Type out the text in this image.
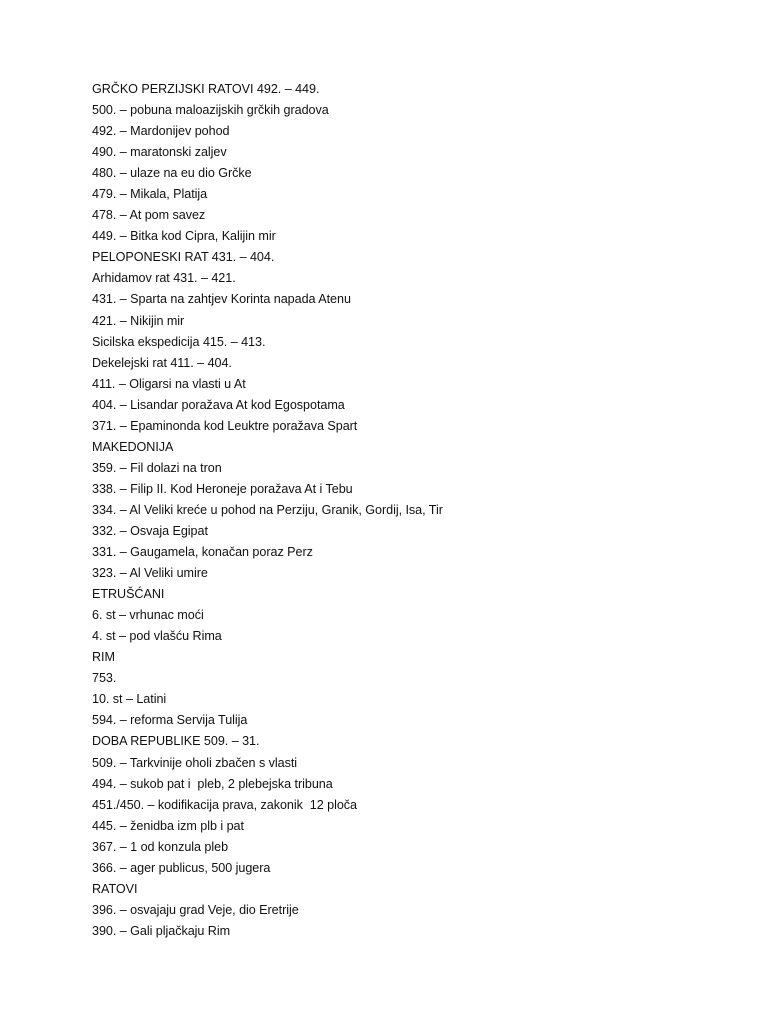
GRČKO PERZIJSKI RATOVI 492. – 449.
500. – pobuna maloazijskih grčkih gradova
492. – Mardonijev pohod
490. – maratonski zaljev
480. – ulaze na eu dio Grčke
479. – Mikala, Platija
478. – At pom savez
449. – Bitka kod Cipra, Kalijin mir
PELOPONESKI RAT 431. – 404.
Arhidamov rat 431. – 421.
431. – Sparta na zahtjev Korinta napada Atenu
421. – Nikijin mir
Sicilska ekspedicija 415. – 413.
Dekelejski rat 411. – 404.
411. – Oligarsi na vlasti u At
404. – Lisandar poražava At kod Egospotama
371. – Epaminonda kod Leuktre poražava Spart
MAKEDONIJA
359. – Fil dolazi na tron
338. – Filip II. Kod Heroneje poražava At i Tebu
334. – Al Veliki kreće u pohod na Perziju, Granik, Gordij, Isa, Tir
332. – Osvaja Egipat
331. – Gaugamela, konačan poraz Perz
323. – Al Veliki umire
ETRUŠĆANI
6. st – vrhunac moći
4. st – pod vlašću Rima
RIM
753.
10. st – Latini
594. – reforma Servija Tulija
DOBA REPUBLIKE 509. – 31.
509. – Tarkvinije oholi zbačen s vlasti
494. – sukob pat i  pleb, 2 plebejska tribuna
451./450. – kodifikacija prava, zakonik  12 ploča
445. – ženidba izm plb i pat
367. – 1 od konzula pleb
366. – ager publicus, 500 jugera
RATOVI
396. – osvajaju grad Veje, dio Eretrije
390. – Gali pljačkaju Rim
